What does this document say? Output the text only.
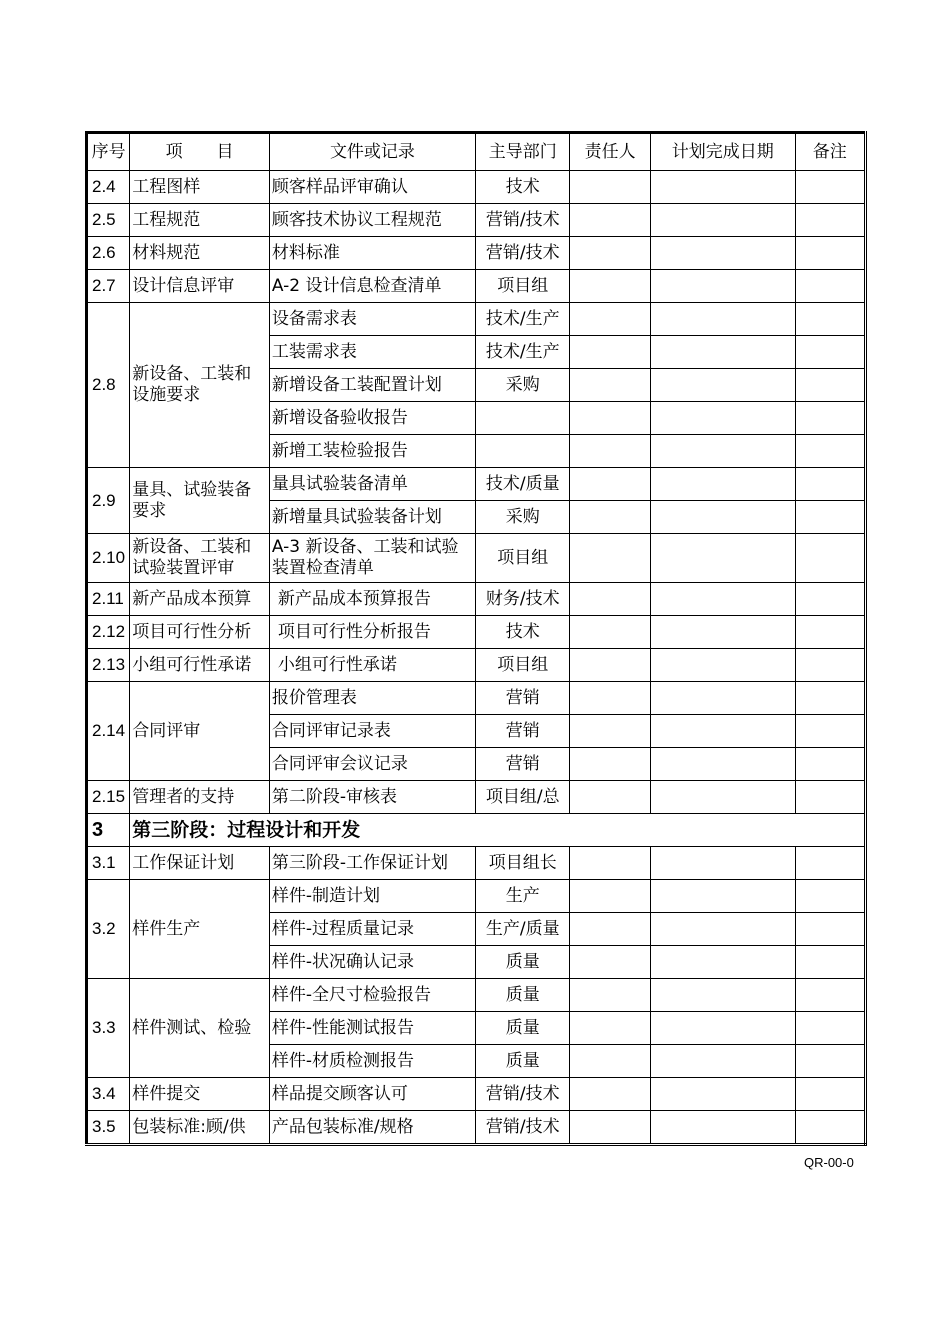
序号	项　　目	文件或记录	主导部门	责任人	计划完成日期	备注
2.4	工程图样	顾客样品评审确认	技术			
2.5	工程规范	顾客技术协议工程规范	营销/技术			
2.6	材料规范	材料标准	营销/技术			
2.7	设计信息评审	A-2 设计信息检查清单	项目组			
2.8	新设备、工装和设施要求	设备需求表	技术/生产			
		工装需求表	技术/生产			
		新增设备工装配置计划	采购			
		新增设备验收报告				
		新增工装检验报告				
2.9	量具、试验装备要求	量具试验装备清单	技术/质量			
		新增量具试验装备计划	采购			
2.10	新设备、工装和试验装置评审	A-3 新设备、工装和试验装置检查清单	项目组			
2.11	新产品成本预算	新产品成本预算报告	财务/技术			
2.12	项目可行性分析	项目可行性分析报告	技术			
2.13	小组可行性承诺	小组可行性承诺	项目组			
2.14	合同评审	报价管理表	营销			
		合同评审记录表	营销			
		合同评审会议记录	营销			
2.15	管理者的支持	第二阶段-审核表	项目组/总			
3	第三阶段：过程设计和开发					
3.1	工作保证计划	第三阶段-工作保证计划	项目组长			
3.2	样件生产	样件-制造计划	生产			
		样件-过程质量记录	生产/质量			
		样件-状况确认记录	质量			
3.3	样件测试、检验	样件-全尺寸检验报告	质量			
		样件-性能测试报告	质量			
		样件-材质检测报告	质量			
3.4	样件提交	样品提交顾客认可	营销/技术			
3.5	包装标准:顾/供	产品包装标准/规格	营销/技术			
QR-00-0
